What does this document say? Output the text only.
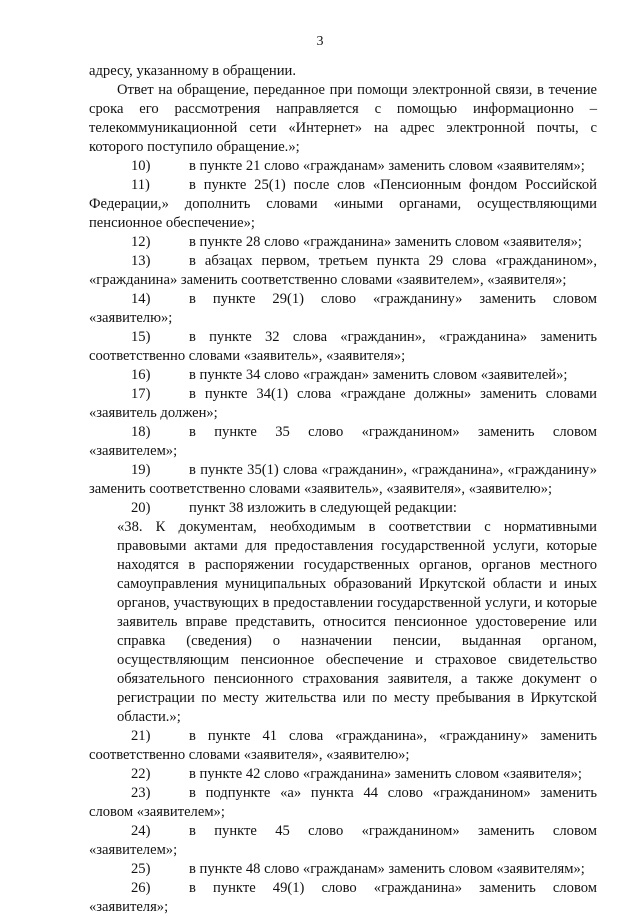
3

адресу, указанному в обращении.

Ответ на обращение, переданное при помощи электронной связи, в течение срока его рассмотрения направляется с помощью информационно – телекоммуникационной сети «Интернет» на адрес электронной почты, с которого поступило обращение.»;

10)	в пункте 21 слово «гражданам» заменить словом «заявителям»;

11)	в пункте 25(1) после слов «Пенсионным фондом Российской Федерации,» дополнить словами «иными органами, осуществляющими пенсионное обеспечение»;

12)	в пункте 28 слово «гражданина» заменить словом «заявителя»;

13)	в абзацах первом, третьем пункта 29 слова «гражданином», «гражданина» заменить соответственно словами «заявителем», «заявителя»;

14)	в пункте 29(1) слово «гражданину» заменить словом «заявителю»;

15)	в пункте 32 слова «гражданин», «гражданина» заменить соответственно словами «заявитель», «заявителя»;

16)	в пункте 34 слово «граждан» заменить словом «заявителей»;

17)	в пункте 34(1) слова «граждане должны» заменить словами «заявитель должен»;

18)	в пункте 35 слово «гражданином» заменить словом «заявителем»;

19)	в пункте 35(1) слова «гражданин», «гражданина», «гражданину» заменить соответственно словами «заявитель», «заявителя», «заявителю»;

20)	пункт 38 изложить в следующей редакции:

«38. К документам, необходимым в соответствии с нормативными правовыми актами для предоставления государственной услуги, которые находятся в распоряжении государственных органов, органов местного самоуправления муниципальных образований Иркутской области и иных органов, участвующих в предоставлении государственной услуги, и которые заявитель вправе представить, относится пенсионное удостоверение или справка (сведения) о назначении пенсии, выданная органом, осуществляющим пенсионное обеспечение и страховое свидетельство обязательного пенсионного страхования заявителя, а также документ о регистрации по месту жительства или по месту пребывания в Иркутской области.»;

21)	в пункте 41 слова «гражданина», «гражданину» заменить соответственно словами «заявителя», «заявителю»;

22)	в пункте 42 слово «гражданина» заменить словом «заявителя»;

23)	в подпункте «а» пункта 44 слово «гражданином» заменить словом «заявителем»;

24)	в пункте 45 слово «гражданином» заменить словом «заявителем»;

25)	в пункте 48 слово «гражданам» заменить словом «заявителям»;

26)	в пункте 49(1) слово «гражданина» заменить словом «заявителя»;
